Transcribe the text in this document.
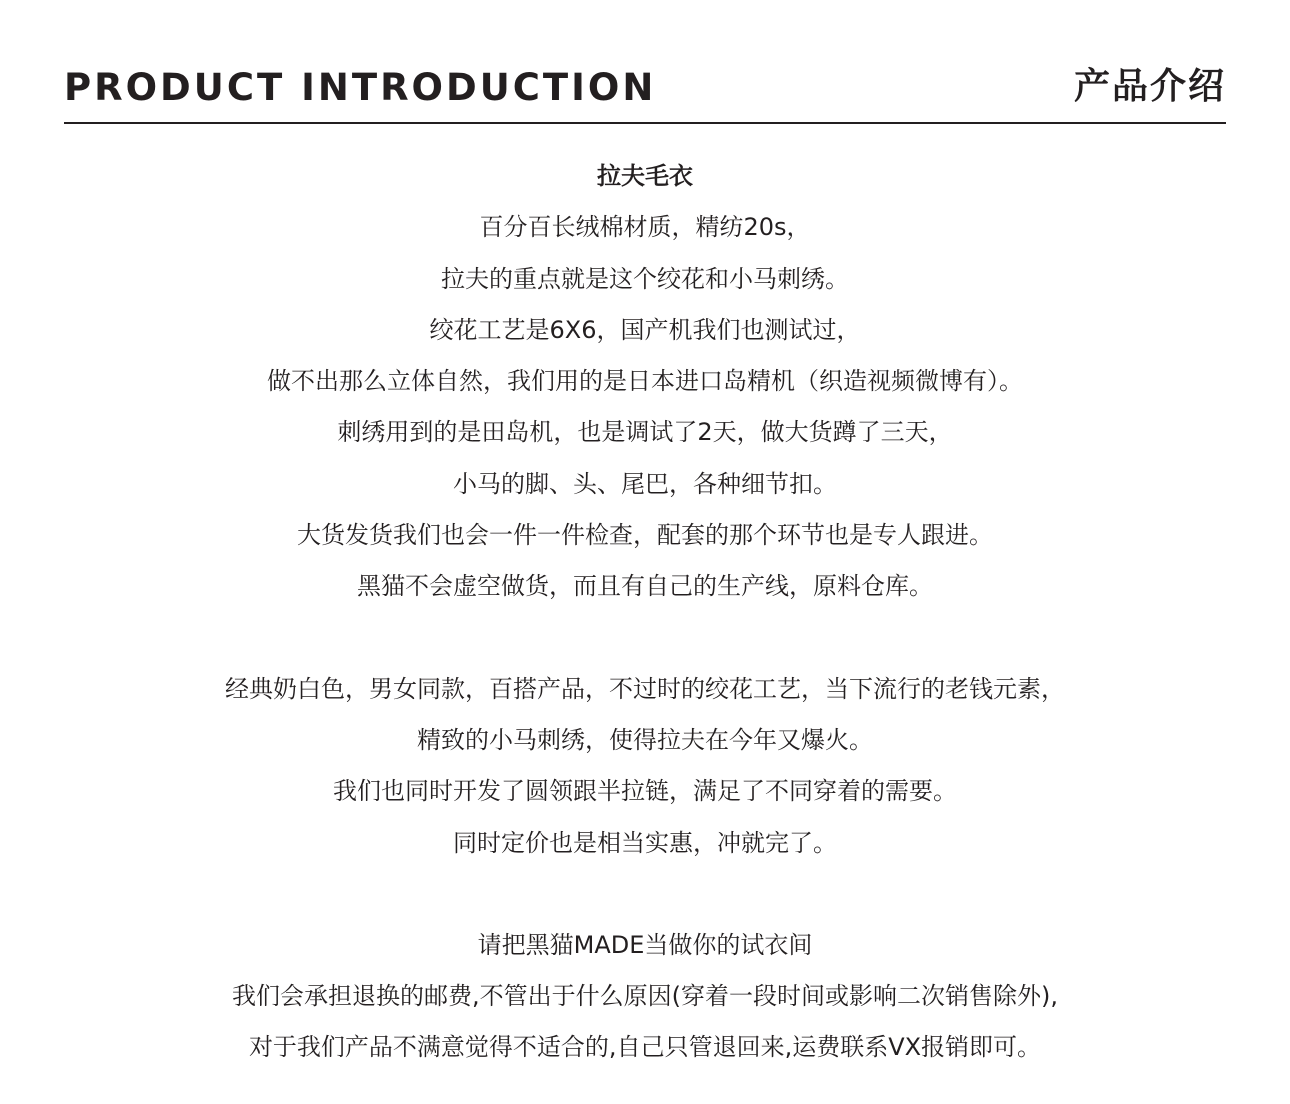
PRODUCT INTRODUCTION	产品介绍
拉夫毛衣
百分百长绒棉材质，精纺20s，
拉夫的重点就是这个绞花和小马刺绣。
绞花工艺是6X6，国产机我们也测试过，
做不出那么立体自然，我们用的是日本进口岛精机（织造视频微博有）。
刺绣用到的是田岛机，也是调试了2天，做大货蹲了三天，
小马的脚、头、尾巴，各种细节扣。
大货发货我们也会一件一件检查，配套的那个环节也是专人跟进。
黑猫不会虚空做货，而且有自己的生产线，原料仓库。
经典奶白色，男女同款，百搭产品，不过时的绞花工艺，当下流行的老钱元素，
精致的小马刺绣，使得拉夫在今年又爆火。
我们也同时开发了圆领跟半拉链，满足了不同穿着的需要。
同时定价也是相当实惠，冲就完了。
请把黑猫MADE当做你的试衣间
我们会承担退换的邮费,不管出于什么原因(穿着一段时间或影响二次销售除外),
对于我们产品不满意觉得不适合的,自己只管退回来,运费联系VX报销即可。
